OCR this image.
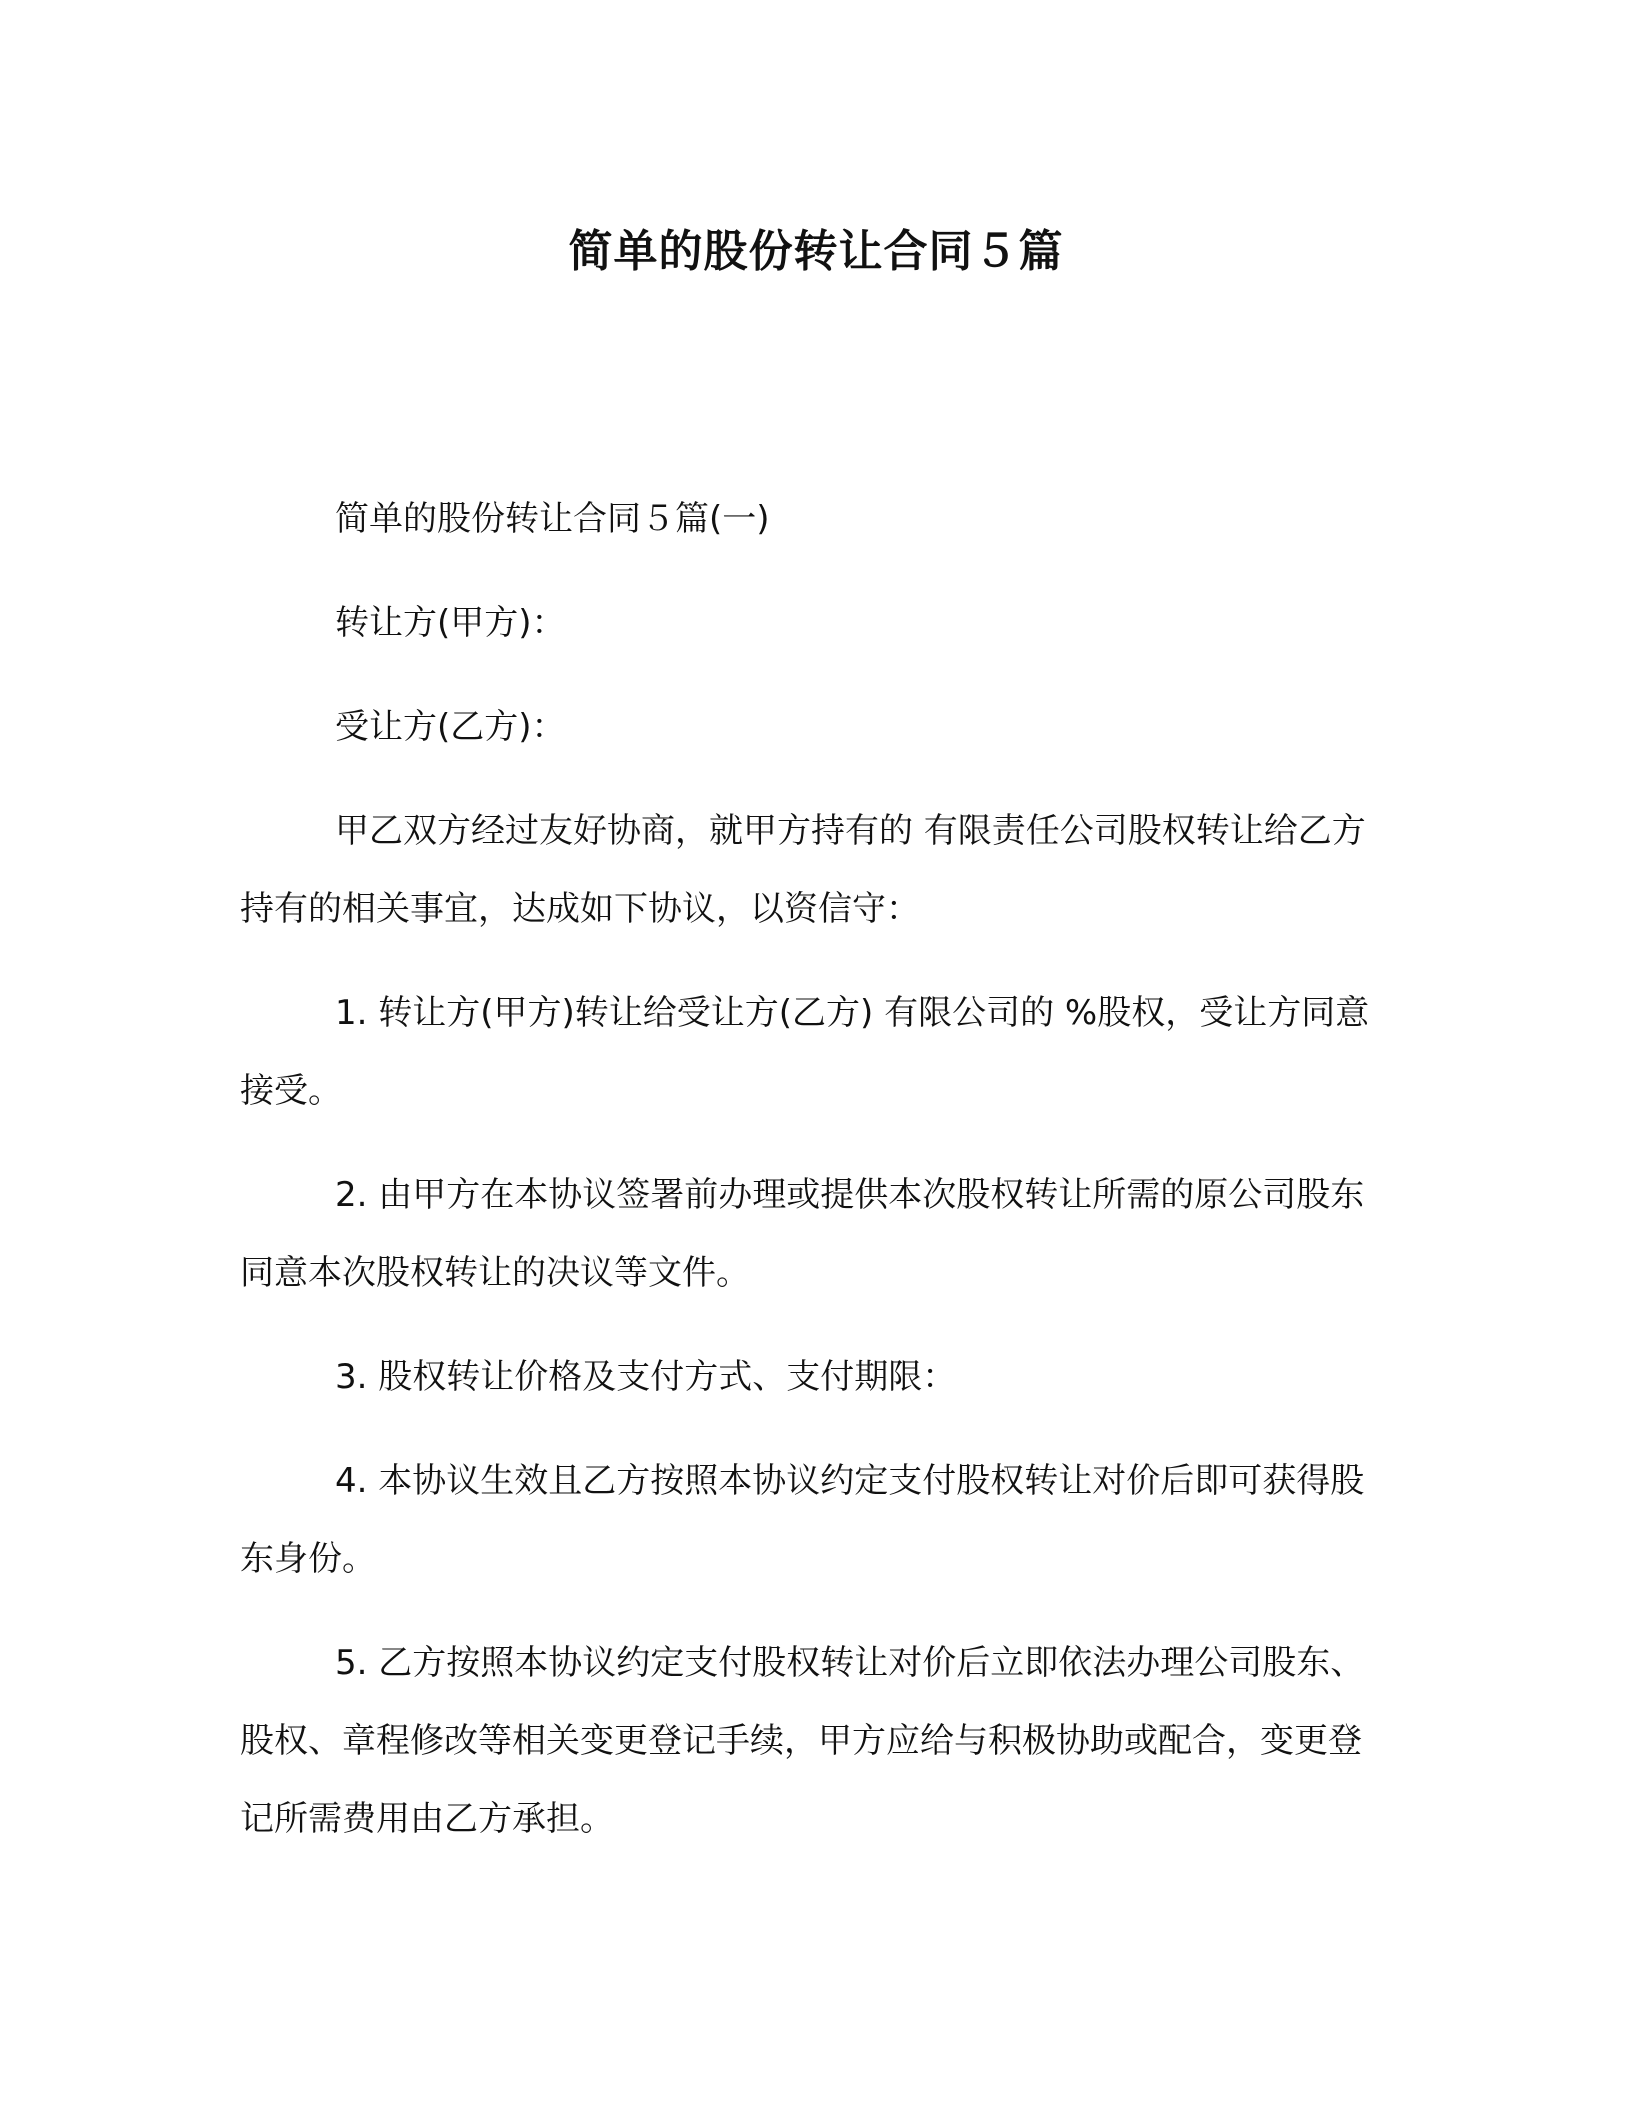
简单的股份转让合同５篇

简单的股份转让合同５篇(一)

转让方(甲方)：

受让方(乙方)：

甲乙双方经过友好协商，就甲方持有的 有限责任公司股权转让给乙方持有的相关事宜，达成如下协议，以资信守：

1. 转让方(甲方)转让给受让方(乙方) 有限公司的 %股权，受让方同意接受。

2. 由甲方在本协议签署前办理或提供本次股权转让所需的原公司股东同意本次股权转让的决议等文件。

3. 股权转让价格及支付方式、支付期限：

4. 本协议生效且乙方按照本协议约定支付股权转让对价后即可获得股东身份。

5. 乙方按照本协议约定支付股权转让对价后立即依法办理公司股东、股权、章程修改等相关变更登记手续，甲方应给与积极协助或配合，变更登记所需费用由乙方承担。
